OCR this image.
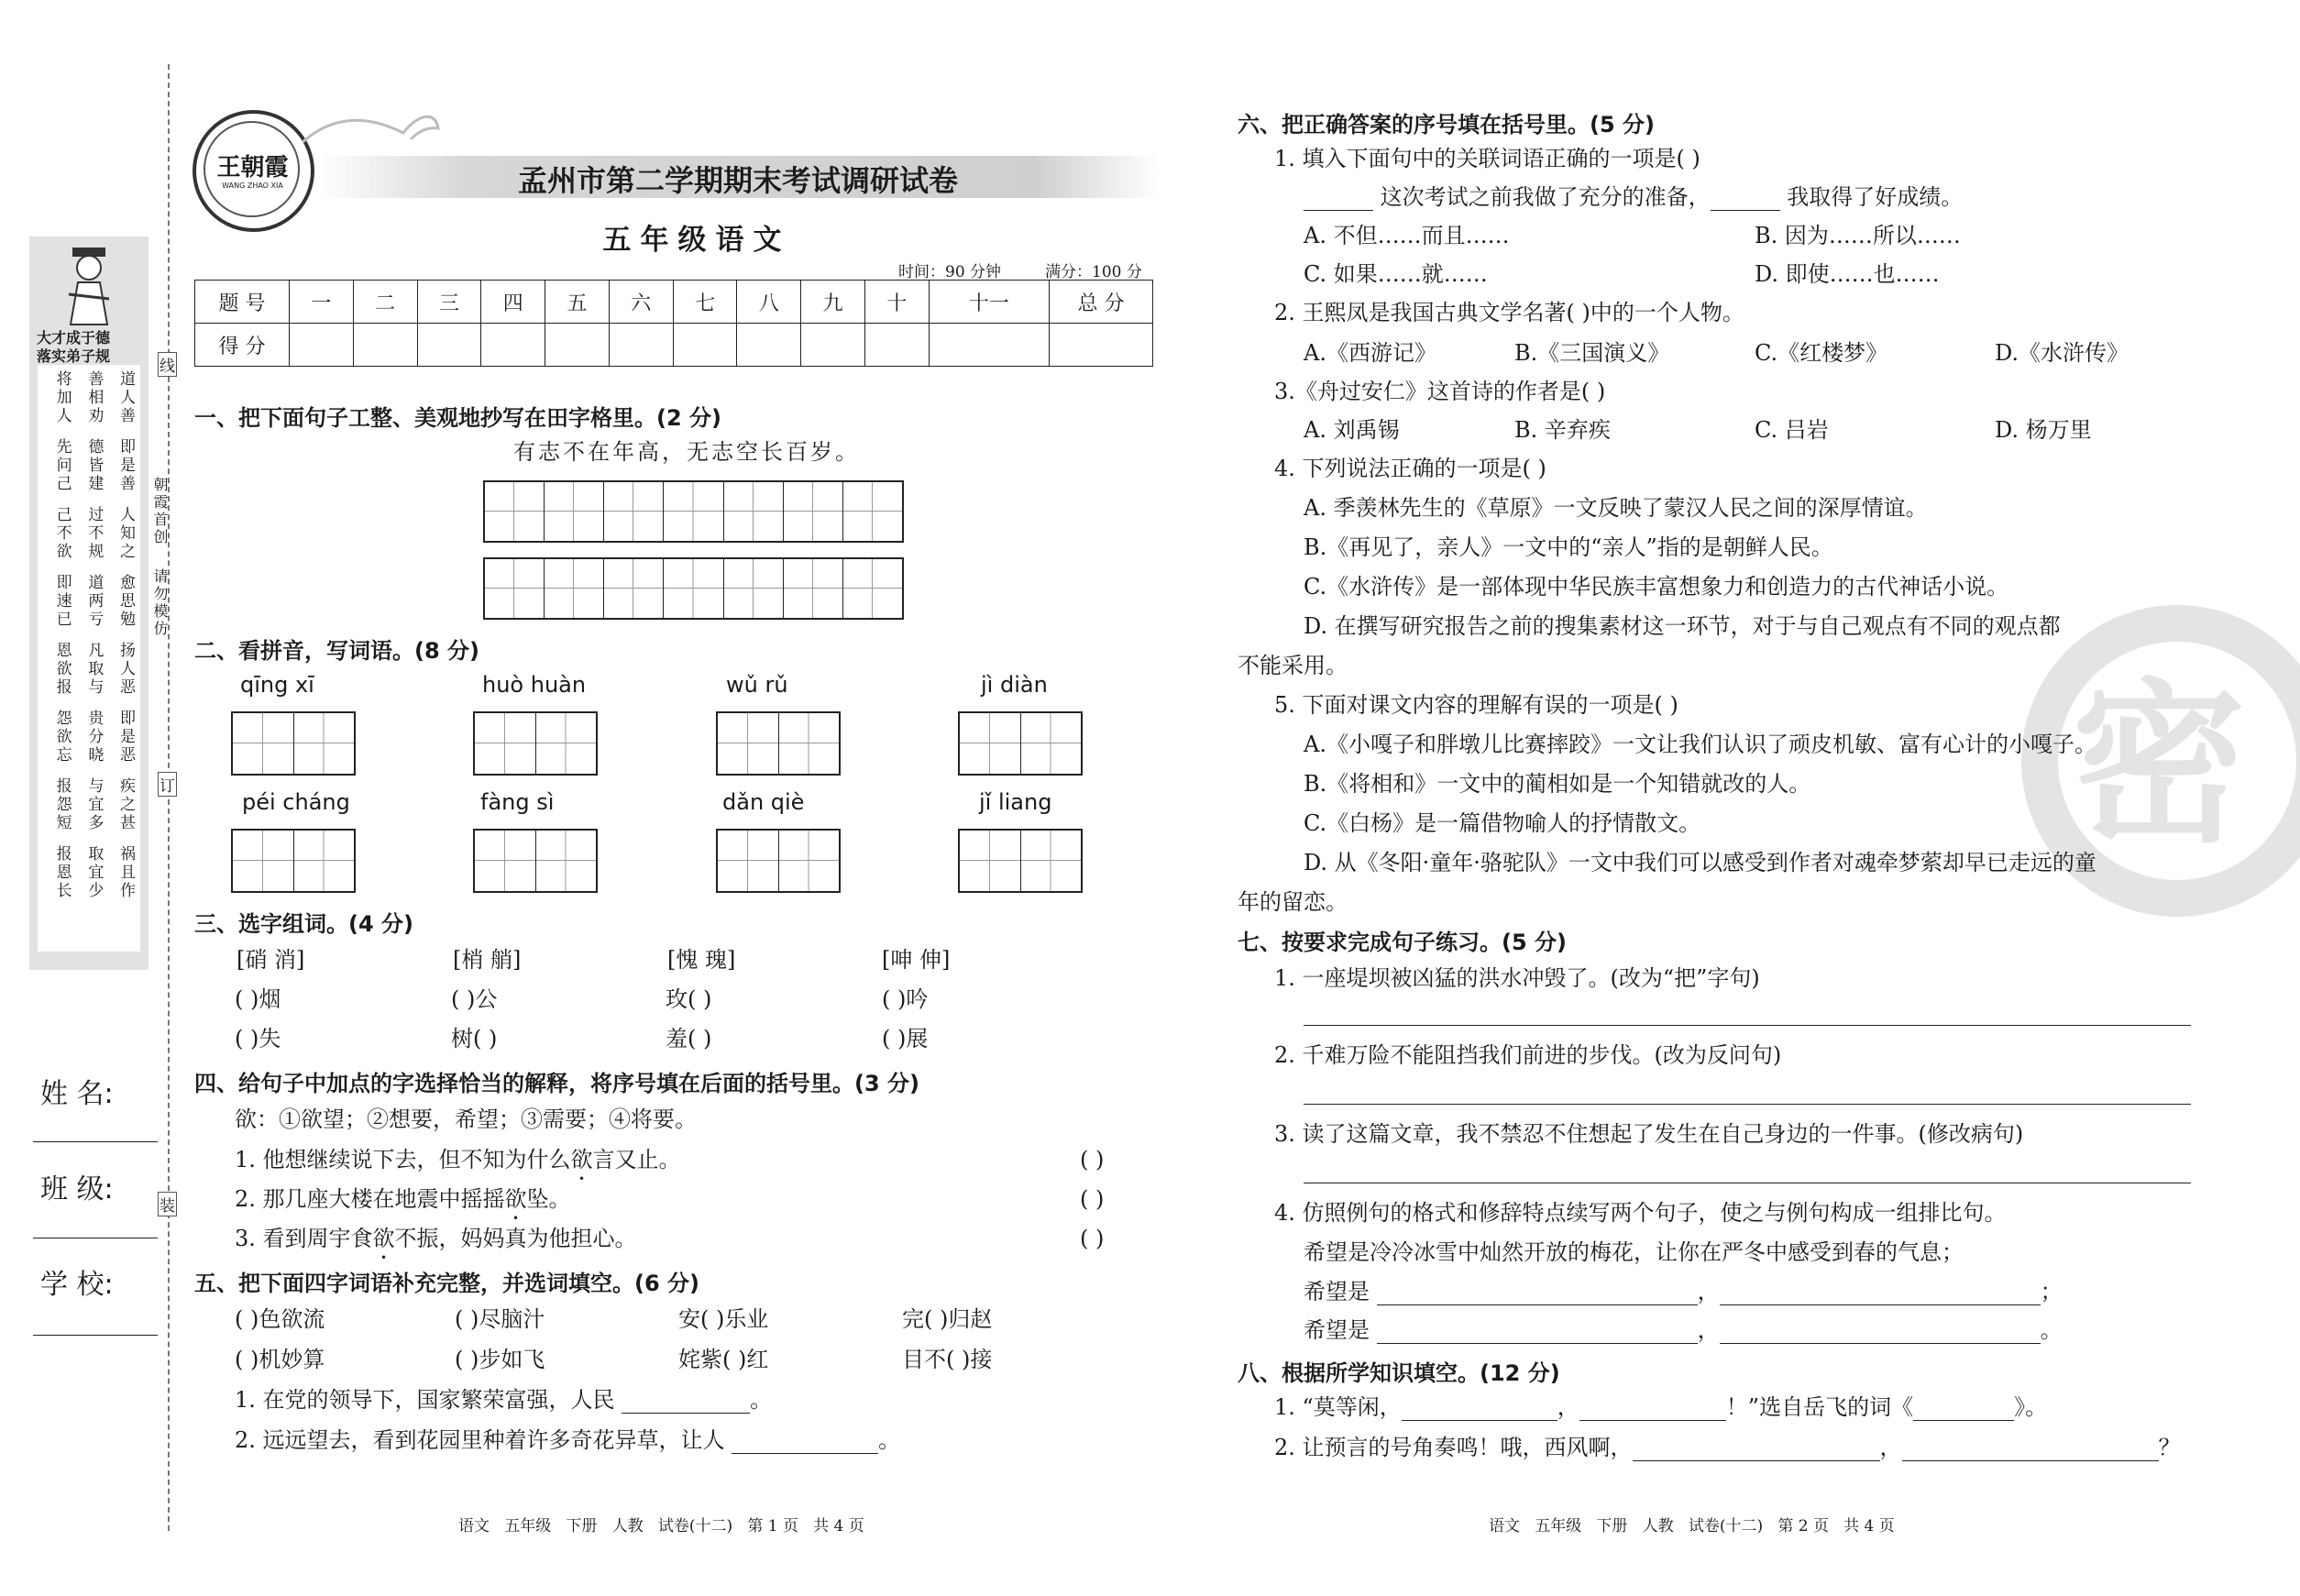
密
王朝霞
WANG ZHAO XIA	孟州市第二学期期末考试调研试卷
五年级语文
时间：90 分钟	满分：100 分
题 号	一	二	三	四	五	六	七	八	九	十	十一	总 分
得 分												
大才成于德
落实弟子规
将加人 善相劝 道人善
先问己 德皆建 即是善
己不欲 过不规 人知之
即速已 道两亏 愈思勉
恩欲报 凡取与 扬人恶
怨欲忘 贵分晓 即是恶
报怨短 与宜多 疾之甚
报恩长 取宜少 祸且作
朝霞首创
请勿模仿
线
订
装
姓 名:
班 级:
学 校:
一、把下面句子工整、美观地抄写在田字格里。(2 分)
有志不在年高，无志空长百岁。
二、看拼音，写词语。(8 分)
qīng xī	huò huàn	wǔ rǔ	jì diàn
péi cháng	fàng sì	dǎn qiè	jǐ liang
三、选字组词。(4 分)
[硝 消]	[梢 艄]	[愧 瑰]	[呻 伸]
( )烟	( )公	玫( )	( )吟
( )失	树( )	羞( )	( )展
四、给句子中加点的字选择恰当的解释，将序号填在后面的括号里。(3 分)
欲：①欲望；②想要，希望；③需要；④将要。
1. 他想继续说下去，但不知为什么欲言又止。	( )
2. 那几座大楼在地震中摇摇欲坠。	( )
3. 看到周宇食欲不振，妈妈真为他担心。	( )
五、把下面四字词语补充完整，并选词填空。(6 分)
( )色欲流	( )尽脑汁	安( )乐业	完( )归赵
( )机妙算	( )步如飞	姹紫( )红	目不( )接
1. 在党的领导下，国家繁荣富强，人民	。
2. 远远望去，看到花园里种着许多奇花异草，让人	。
语文   五年级   下册   人教   试卷(十二)   第 1 页   共 4 页
六、把正确答案的序号填在括号里。(5 分)
1. 填入下面句中的关联词语正确的一项是( )
这次考试之前我做了充分的准备，	我取得了好成绩。
A. 不但……而且……	B. 因为……所以……
C. 如果……就……	D. 即使……也……
2. 王熙凤是我国古典文学名著( )中的一个人物。
A.《西游记》	B.《三国演义》	C.《红楼梦》	D.《水浒传》
3.《舟过安仁》这首诗的作者是( )
A. 刘禹锡	B. 辛弃疾	C. 吕岩	D. 杨万里
4. 下列说法正确的一项是( )
A. 季羡林先生的《草原》一文反映了蒙汉人民之间的深厚情谊。
B.《再见了，亲人》一文中的“亲人”指的是朝鲜人民。
C.《水浒传》是一部体现中华民族丰富想象力和创造力的古代神话小说。
D. 在撰写研究报告之前的搜集素材这一环节，对于与自己观点有不同的观点都
不能采用。
5. 下面对课文内容的理解有误的一项是( )
A.《小嘎子和胖墩儿比赛摔跤》一文让我们认识了顽皮机敏、富有心计的小嘎子。
B.《将相和》一文中的蔺相如是一个知错就改的人。
C.《白杨》是一篇借物喻人的抒情散文。
D. 从《冬阳·童年·骆驼队》一文中我们可以感受到作者对魂牵梦萦却早已走远的童
年的留恋。
七、按要求完成句子练习。(5 分)
1. 一座堤坝被凶猛的洪水冲毁了。(改为“把”字句)
2. 千难万险不能阻挡我们前进的步伐。(改为反问句)
3. 读了这篇文章，我不禁忍不住想起了发生在自己身边的一件事。(修改病句)
4. 仿照例句的格式和修辞特点续写两个句子，使之与例句构成一组排比句。
希望是冷冷冰雪中灿然开放的梅花，让你在严冬中感受到春的气息；
希望是	，	；
希望是	，	。
八、根据所学知识填空。(12 分)
1. “莫等闲，	，	！”选自岳飞的词《	》。
2. 让预言的号角奏鸣！哦，西风啊，	，	？
语文   五年级   下册   人教   试卷(十二)   第 2 页   共 4 页
